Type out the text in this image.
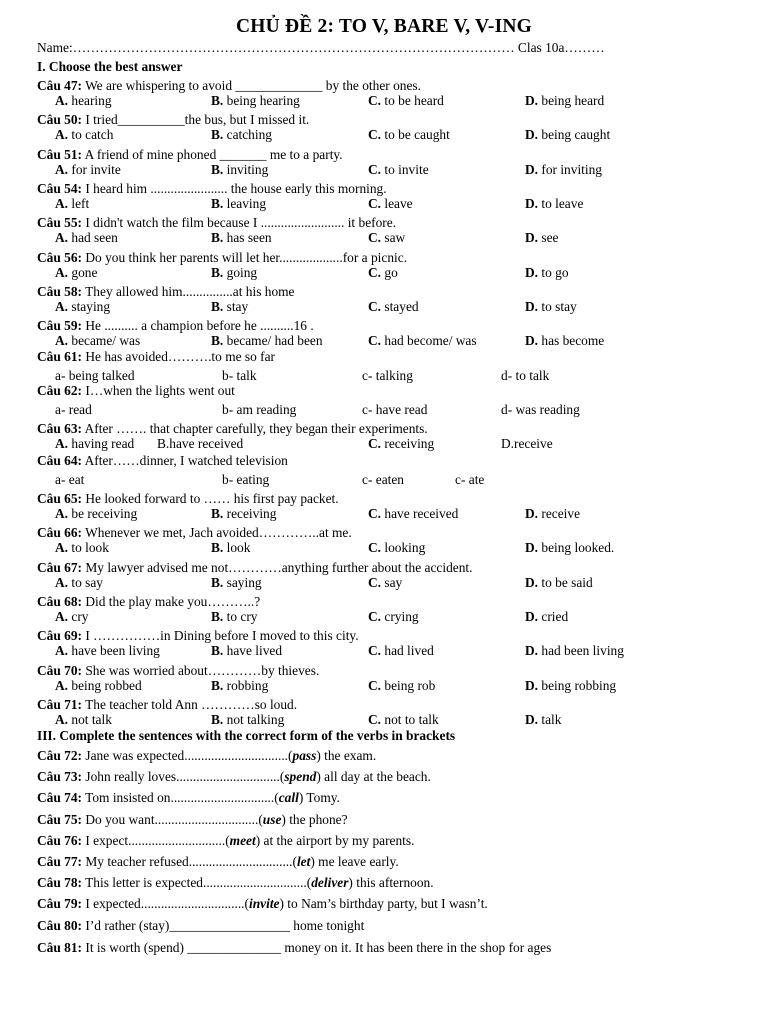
CHỦ ĐỀ 2: TO V, BARE V, V-ING
Name:……………………………………………………………………………………… Clas 10a………
I. Choose the best answer
Câu 47: We are whispering to avoid _____________ by the other ones.
A. hearing	B. being hearing	C. to be heard	D. being heard
Câu 50: I tried__________the bus, but I missed it.
A. to catch	B. catching	C. to be caught	D. being caught
Câu 51: A friend of mine phoned _______ me to a party.
A. for invite	B. inviting	C. to invite	D. for inviting
Câu 54: I heard him ....................... the house early this morning.
A. left	B. leaving	C. leave	D. to leave
Câu 55: I didn't watch the film because I ......................... it before.
A. had seen	B. has seen	C. saw	D. see
Câu 56: Do you think her parents will let her...................for a picnic.
A. gone	B. going	C. go	D. to go
Câu 58: They allowed him...............at his home
A. staying	B. stay	C. stayed	D. to stay
Câu 59: He .......... a champion before he ..........16 .
A. became/ was	B. became/ had been	C. had become/ was	D. has become
Câu 61: He has avoided……….to me so far
a- being talked	b- talk	c- talking	d- to talk
Câu 62: I…when the lights went out
a- read	b- am reading	c- have read	d- was reading
Câu 63: After ……. that chapter carefully, they began their experiments.
A. having read B.have received	C. receiving	D.receive
Câu 64: After……dinner, I watched television
a- eat	b- eating	c- eaten	c- ate
Câu 65: He looked forward to …… his first pay packet.
A. be receiving	B. receiving	C. have received	D. receive
Câu 66: Whenever we met, Jach avoided…………..at me.
A. to look	B. look	C. looking	D. being looked.
Câu 67: My lawyer advised me not…………anything further about the accident.
A. to say	B. saying	C. say	D. to be said
Câu 68: Did the play make you………..?
A. cry	B. to cry	C. crying	D. cried
Câu 69: I ……………in Dining before I moved to this city.
A. have been living	B. have lived	C. had lived	D. had been living
Câu 70: She was worried about…………by thieves.
A. being robbed	B. robbing	C. being rob	D. being robbing
Câu 71: The teacher told Ann …………so loud.
A. not talk	B. not talking	C. not to talk	D. talk
III. Complete the sentences with the correct form of the verbs in brackets
Câu 72: Jane was expected...............................(pass) the exam.
Câu 73: John really loves...............................(spend) all day at the beach.
Câu 74: Tom insisted on...............................(call) Tomy.
Câu 75: Do you want...............................(use) the phone?
Câu 76: I expect.............................(meet) at the airport by my parents.
Câu 77: My teacher refused...............................(let) me leave early.
Câu 78: This letter is expected...............................(deliver) this afternoon.
Câu 79: I expected...............................(invite) to Nam’s birthday party, but I wasn’t.
Câu 80: I’d rather (stay)__________________ home tonight
Câu 81: It is worth (spend) ______________ money on it. It has been there in the shop for ages
